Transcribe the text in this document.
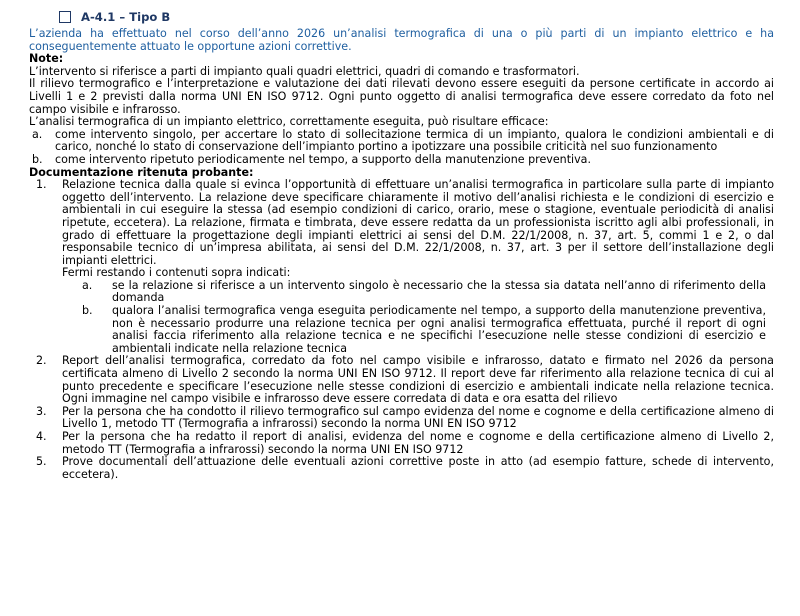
A-4.1 – Tipo B

L’azienda ha effettuato nel corso dell’anno 2026 un’analisi termografica di una o più parti di un impianto elettrico e ha conseguentemente attuato le opportune azioni correttive.

Note:

L’intervento si riferisce a parti di impianto quali quadri elettrici, quadri di comando e trasformatori.

Il rilievo termografico e l’interpretazione e valutazione dei dati rilevati devono essere eseguiti da persone certificate in accordo ai Livelli 1 e 2 previsti dalla norma UNI EN ISO 9712. Ogni punto oggetto di analisi termografica deve essere corredato da foto nel campo visibile e infrarosso.

L’analisi termografica di un impianto elettrico, correttamente eseguita, può risultare efficace:

a.	come intervento singolo, per accertare lo stato di sollecitazione termica di un impianto, qualora le condizioni ambientali e di carico, nonché lo stato di conservazione dell’impianto portino a ipotizzare una possibile criticità nel suo funzionamento
b.	come intervento ripetuto periodicamente nel tempo, a supporto della manutenzione preventiva.

Documentazione ritenuta probante:

1.	Relazione tecnica dalla quale si evinca l’opportunità di effettuare un’analisi termografica in particolare sulla parte di impianto oggetto dell’intervento. La relazione deve specificare chiaramente il motivo dell’analisi richiesta e le condizioni di esercizio e ambientali in cui eseguire la stessa (ad esempio condizioni di carico, orario, mese o stagione, eventuale periodicità di analisi ripetute, eccetera). La relazione, firmata e timbrata, deve essere redatta da un professionista iscritto agli albi professionali, in grado di effettuare la progettazione degli impianti elettrici ai sensi del D.M. 22/1/2008, n. 37, art. 5, commi 1 e 2, o dal responsabile tecnico di un’impresa abilitata, ai sensi del D.M. 22/1/2008, n. 37, art. 3 per il settore dell’installazione degli impianti elettrici.
Fermi restando i contenuti sopra indicati:
a.	se la relazione si riferisce a un intervento singolo è necessario che la stessa sia datata nell’anno di riferimento della domanda
b.	qualora l’analisi termografica venga eseguita periodicamente nel tempo, a supporto della manutenzione preventiva, non è necessario produrre una relazione tecnica per ogni analisi termografica effettuata, purché il report di ogni analisi faccia riferimento alla relazione tecnica e ne specifichi l’esecuzione nelle stesse condizioni di esercizio e ambientali indicate nella relazione tecnica
2.	Report dell’analisi termografica, corredato da foto nel campo visibile e infrarosso, datato e firmato nel 2026 da persona certificata almeno di Livello 2 secondo la norma UNI EN ISO 9712. Il report deve far riferimento alla relazione tecnica di cui al punto precedente e specificare l’esecuzione nelle stesse condizioni di esercizio e ambientali indicate nella relazione tecnica. Ogni immagine nel campo visibile e infrarosso deve essere corredata di data e ora esatta del rilievo
3.	Per la persona che ha condotto il rilievo termografico sul campo evidenza del nome e cognome e della certificazione almeno di Livello 1, metodo TT (Termografia a infrarossi) secondo la norma UNI EN ISO 9712
4.	Per la persona che ha redatto il report di analisi, evidenza del nome e cognome e della certificazione almeno di Livello 2, metodo TT (Termografia a infrarossi) secondo la norma UNI EN ISO 9712
5.	Prove documentali dell’attuazione delle eventuali azioni correttive poste in atto (ad esempio fatture, schede di intervento, eccetera).
